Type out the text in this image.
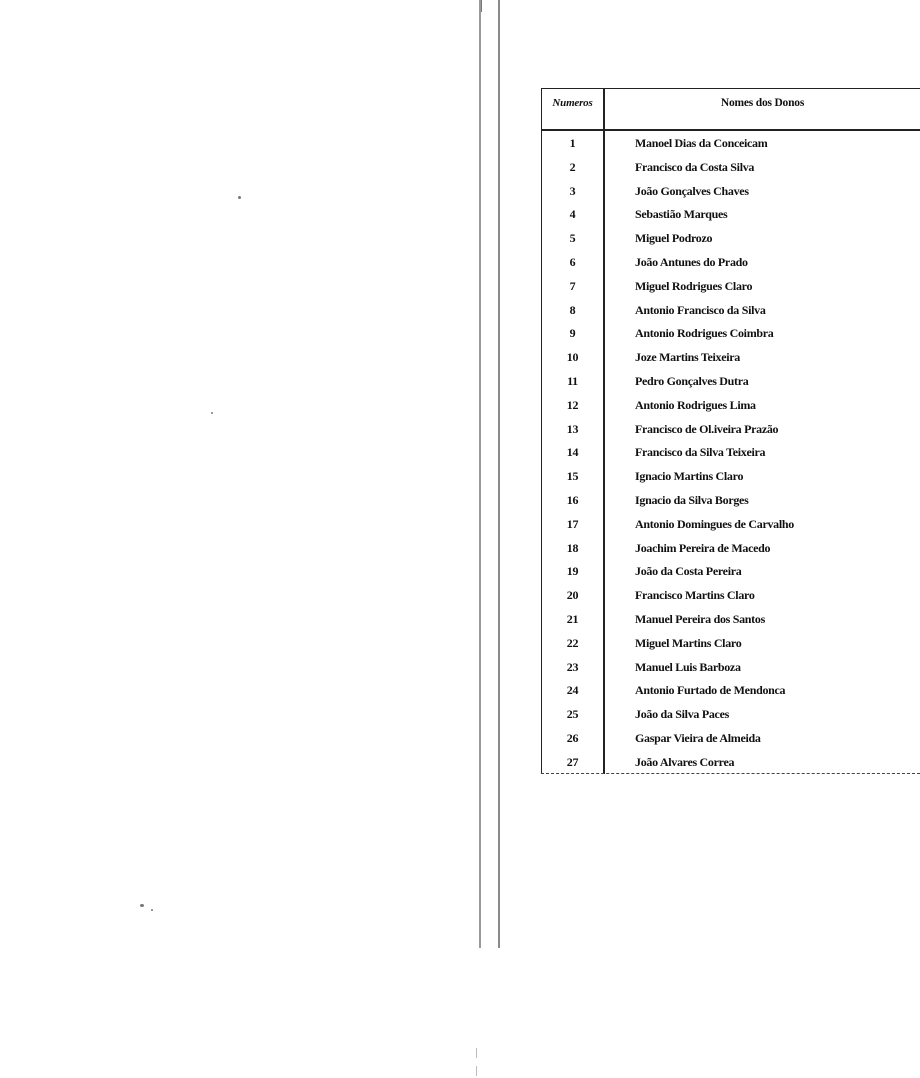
Numeros	Nomes dos Donos
1	Manoel Dias da Conceicam
2	Francisco da Costa Silva
3	João Gonçalves Chaves
4	Sebastião Marques
5	Miguel Podrozo
6	João Antunes do Prado
7	Miguel Rodrigues Claro
8	Antonio Francisco da Silva
9	Antonio Rodrigues Coimbra
10	Joze Martins Teixeira
11	Pedro Gonçalves Dutra
12	Antonio Rodrigues Lima
13	Francisco de Ol.iveira Prazão
14	Francisco da Silva Teixeira
15	Ignacio Martins Claro
16	Ignacio da Silva Borges
17	Antonio Domingues de Carvalho
18	Joachim Pereira de Macedo
19	João da Costa Pereira
20	Francisco Martins Claro
21	Manuel Pereira dos Santos
22	Miguel Martins Claro
23	Manuel Luis Barboza
24	Antonio Furtado de Mendonca
25	João da Silva Paces
26	Gaspar Vieira de Almeida
27	João Alvares Correa
